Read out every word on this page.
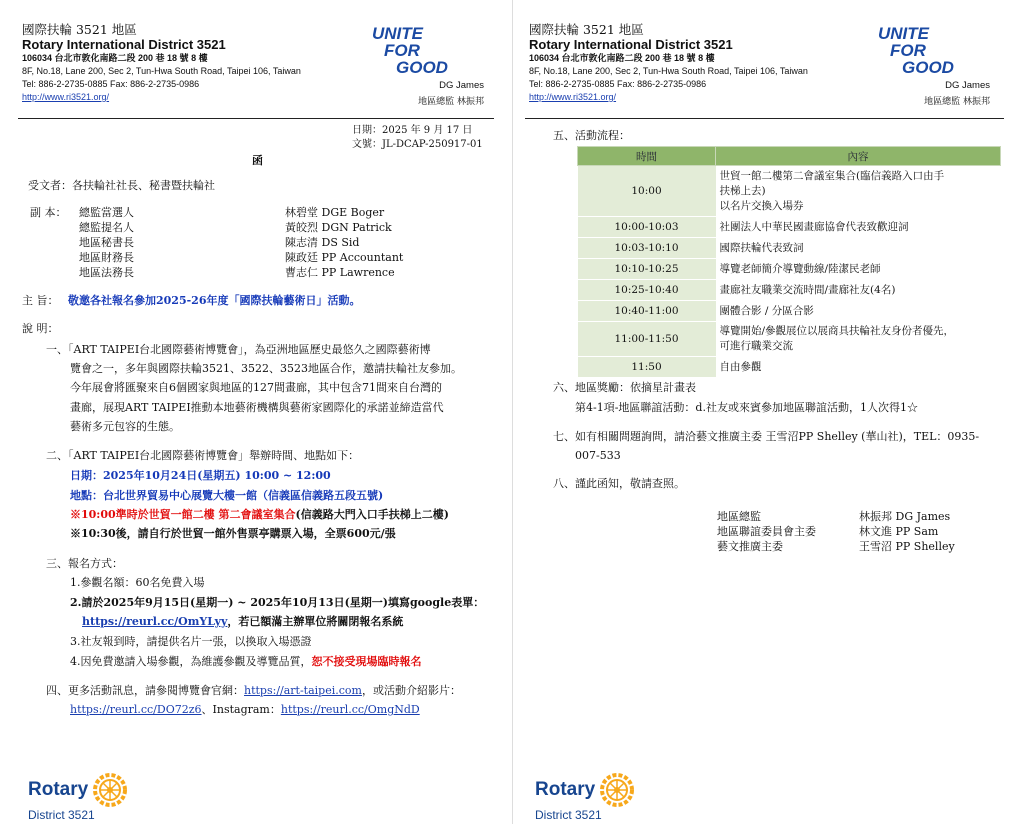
國際扶輪 3521 地區
Rotary International District 3521
106034 台北市敦化南路二段 200 巷 18 號 8 樓
8F, No.18, Lane 200, Sec 2, Tun-Hwa South Road, Taipei 106, Taiwan
Tel: 886-2-2735-0885 Fax: 886-2-2735-0986
http://www.ri3521.org/
UNITE
FOR
GOOD
DG James
地區總監 林振邦
日期：2025 年 9 月 17 日
文號：JL-DCAP-250917-01
函
受文者：各扶輪社社長、秘書暨扶輪社
副 本： 總監當選人	林碧堂 DGE Boger
總監提名人	黃皎烈 DGN Patrick
地區秘書長	陳志清 DS Sid
地區財務長	陳政廷 PP Accountant
地區法務長	曹志仁 PP Lawrence
主 旨： 敬邀各社報名參加2025-26年度「國際扶輪藝術日」活動。
說 明：
一、「ART TAIPEI台北國際藝術博覽會」，為亞洲地區歷史最悠久之國際藝術博
覽會之一，多年與國際扶輪3521、3522、3523地區合作，邀請扶輪社友參加。
今年展會將匯聚來自6個國家與地區的127間畫廊，其中包含71間來自台灣的
畫廊，展現ART TAIPEI推動本地藝術機構與藝術家國際化的承諾並締造當代
藝術多元包容的生態。
二、「ART TAIPEI台北國際藝術博覽會」舉辦時間、地點如下：
日期：2025年10月24日(星期五) 10:00 ~ 12:00
地點：台北世界貿易中心展覽大樓一館（信義區信義路五段五號)
※10:00準時於世貿一館二樓 第二會議室集合(信義路大門入口手扶梯上二樓)
※10:30後，請自行於世貿一館外售票亭購票入場，全票600元/張
三、報名方式：
1.參觀名額：60名免費入場
2.請於2025年9月15日(星期一) ~ 2025年10月13日(星期一)填寫google表單：
https://reurl.cc/OmYLyy，若已額滿主辦單位將關閉報名系統
3.社友報到時，請提供名片一張，以換取入場憑證
4.因免費邀請入場參觀，為維護參觀及導覽品質，恕不接受現場臨時報名
四、更多活動訊息，請參閱博覽會官網：https://art-taipei.com，或活動介紹影片：
https://reurl.cc/DO72z6、Instagram：https://reurl.cc/OmgNdD
Rotary
District 3521
國際扶輪 3521 地區
Rotary International District 3521
106034 台北市敦化南路二段 200 巷 18 號 8 樓
8F, No.18, Lane 200, Sec 2, Tun-Hwa South Road, Taipei 106, Taiwan
Tel: 886-2-2735-0885 Fax: 886-2-2735-0986
http://www.ri3521.org/
UNITE
FOR
GOOD
DG James
地區總監 林振邦
五、活動流程：
時間	內容
10:00	世貿一館二樓第二會議室集合(臨信義路入口由手
扶梯上去)
以名片交換入場券

10:00-10:03	社團法人中華民國畫廊協會代表致歡迎詞
10:03-10:10	國際扶輪代表致詞
10:10-10:25	導覽老師簡介導覽動線/陸潔民老師
10:25-10:40	畫廊社友職業交流時間/畫廊社友(4名)
10:40-11:00	團體合影 / 分區合影
11:00-11:50	導覽開始/參觀展位以展商具扶輪社友身份者優先，
可進行職業交流

11:50	自由參觀
六、地區獎勵：依摘星計畫表
第4-1項-地區聯誼活動：d.社友或來賓參加地區聯誼活動，1人次得1☆
七、如有相關問題詢問，請洽藝文推廣主委 王雪沼PP Shelley (華山社)，TEL：0935-
007-533
八、謹此函知，敬請查照。
地區總監	林振邦 DG James
地區聯誼委員會主委	林文進 PP Sam
藝文推廣主委	王雪沼 PP Shelley
Rotary
District 3521
